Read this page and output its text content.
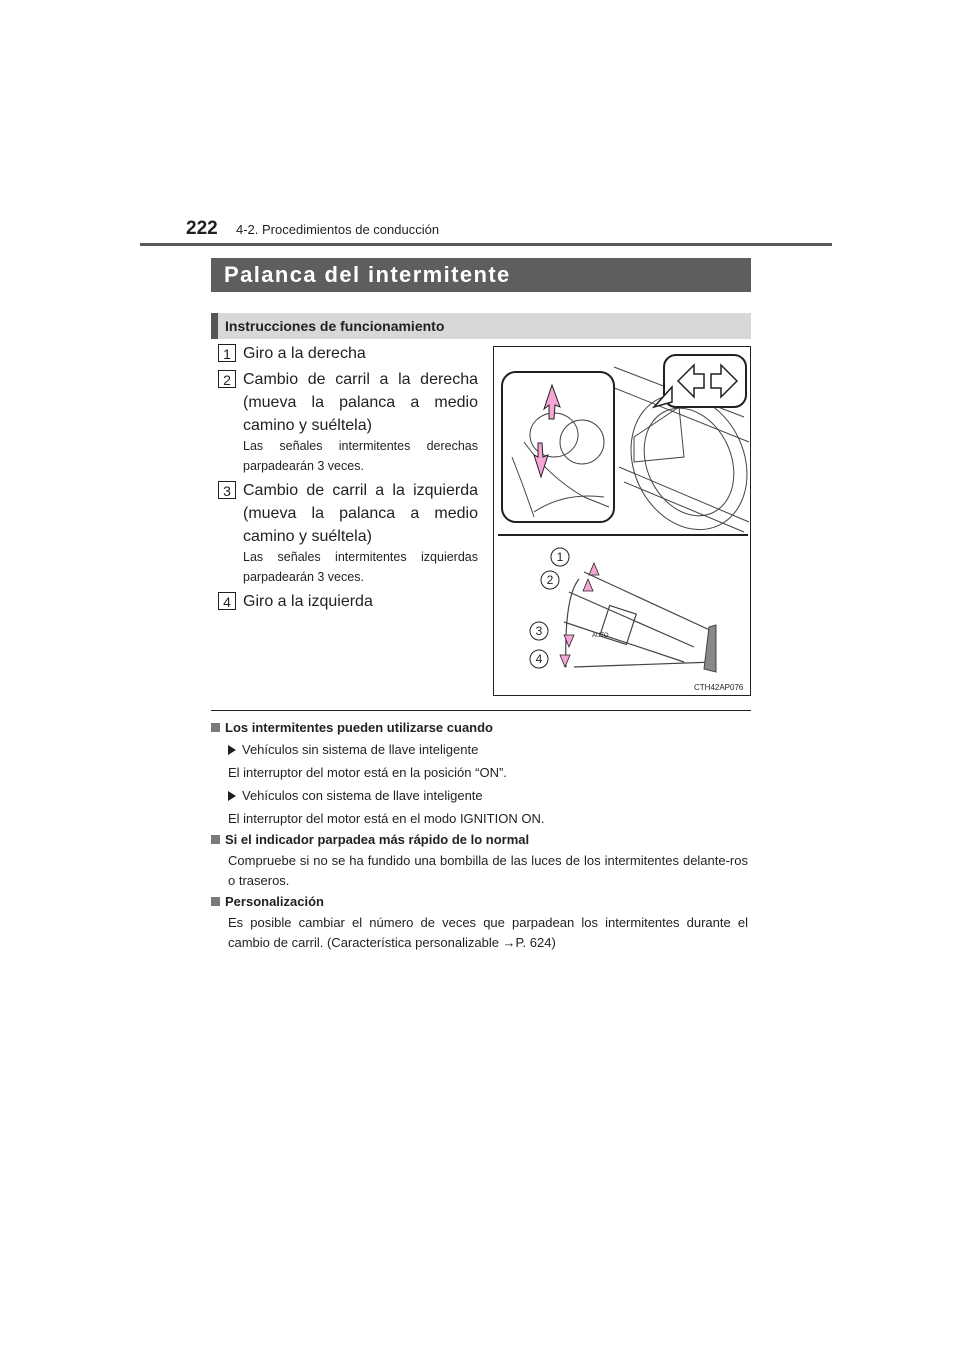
222 4-2. Procedimientos de conducción
Palanca del intermitente
Instrucciones de funcionamiento
1 Giro a la derecha
2 Cambio de carril a la derecha (mueva la palanca a medio camino y suéltela)
Las señales intermitentes derechas parpadearán 3 veces.
3 Cambio de carril a la izquierda (mueva la palanca a medio camino y suéltela)
Las señales intermitentes izquierdas parpadearán 3 veces.
4 Giro a la izquierda
AUTO
1
2
3
4
CTH42AP076
Los intermitentes pueden utilizarse cuando
Vehículos sin sistema de llave inteligente
El interruptor del motor está en la posición “ON”.
Vehículos con sistema de llave inteligente
El interruptor del motor está en el modo IGNITION ON.
Si el indicador parpadea más rápido de lo normal
Compruebe si no se ha fundido una bombilla de las luces de los intermitentes delante-ros o traseros.
Personalización
Es posible cambiar el número de veces que parpadean los intermitentes durante el cambio de carril. (Característica personalizable →P. 624)
